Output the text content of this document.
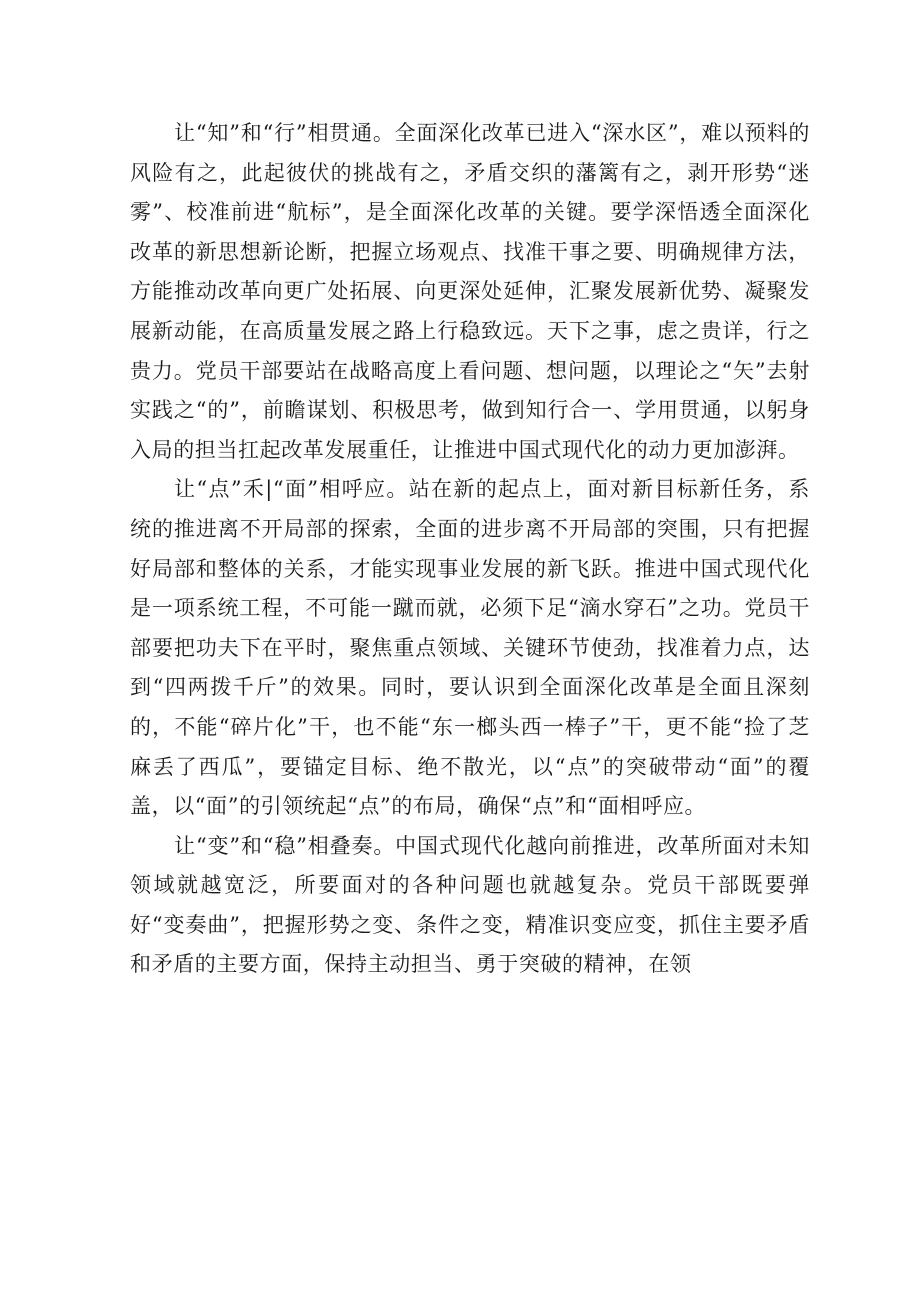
让“知”和“行”相贯通。全面深化改革已进入“深水区”，难以预料的风险有之，此起彼伏的挑战有之，矛盾交织的藩篱有之，剥开形势“迷雾”、校准前进“航标”，是全面深化改革的关键。要学深悟透全面深化改革的新思想新论断，把握立场观点、找准干事之要、明确规律方法，方能推动改革向更广处拓展、向更深处延伸，汇聚发展新优势、凝聚发展新动能，在高质量发展之路上行稳致远。天下之事，虑之贵详，行之贵力。党员干部要站在战略高度上看问题、想问题，以理论之“矢”去射实践之“的”，前瞻谋划、积极思考，做到知行合一、学用贯通，以躬身入局的担当扛起改革发展重任，让推进中国式现代化的动力更加澎湃。

让“点”禾|“面”相呼应。站在新的起点上，面对新目标新任务，系统的推进离不开局部的探索，全面的进步离不开局部的突围，只有把握好局部和整体的关系，才能实现事业发展的新飞跃。推进中国式现代化是一项系统工程，不可能一蹴而就，必须下足“滴水穿石”之功。党员干部要把功夫下在平时，聚焦重点领域、关键环节使劲，找准着力点，达到“四两拨千斤”的效果。同时，要认识到全面深化改革是全面且深刻的，不能“碎片化”干，也不能“东一榔头西一棒子”干，更不能“捡了芝麻丢了西瓜”，要锚定目标、绝不散光，以“点”的突破带动“面”的覆盖，以“面”的引领统起“点”的布局，确保“点”和“面相呼应。

让“变”和“稳”相叠奏。中国式现代化越向前推进，改革所面对未知领域就越宽泛，所要面对的各种问题也就越复杂。党员干部既要弹好“变奏曲”，把握形势之变、条件之变，精准识变应变，抓住主要矛盾和矛盾的主要方面，保持主动担当、勇于突破的精神，在领
